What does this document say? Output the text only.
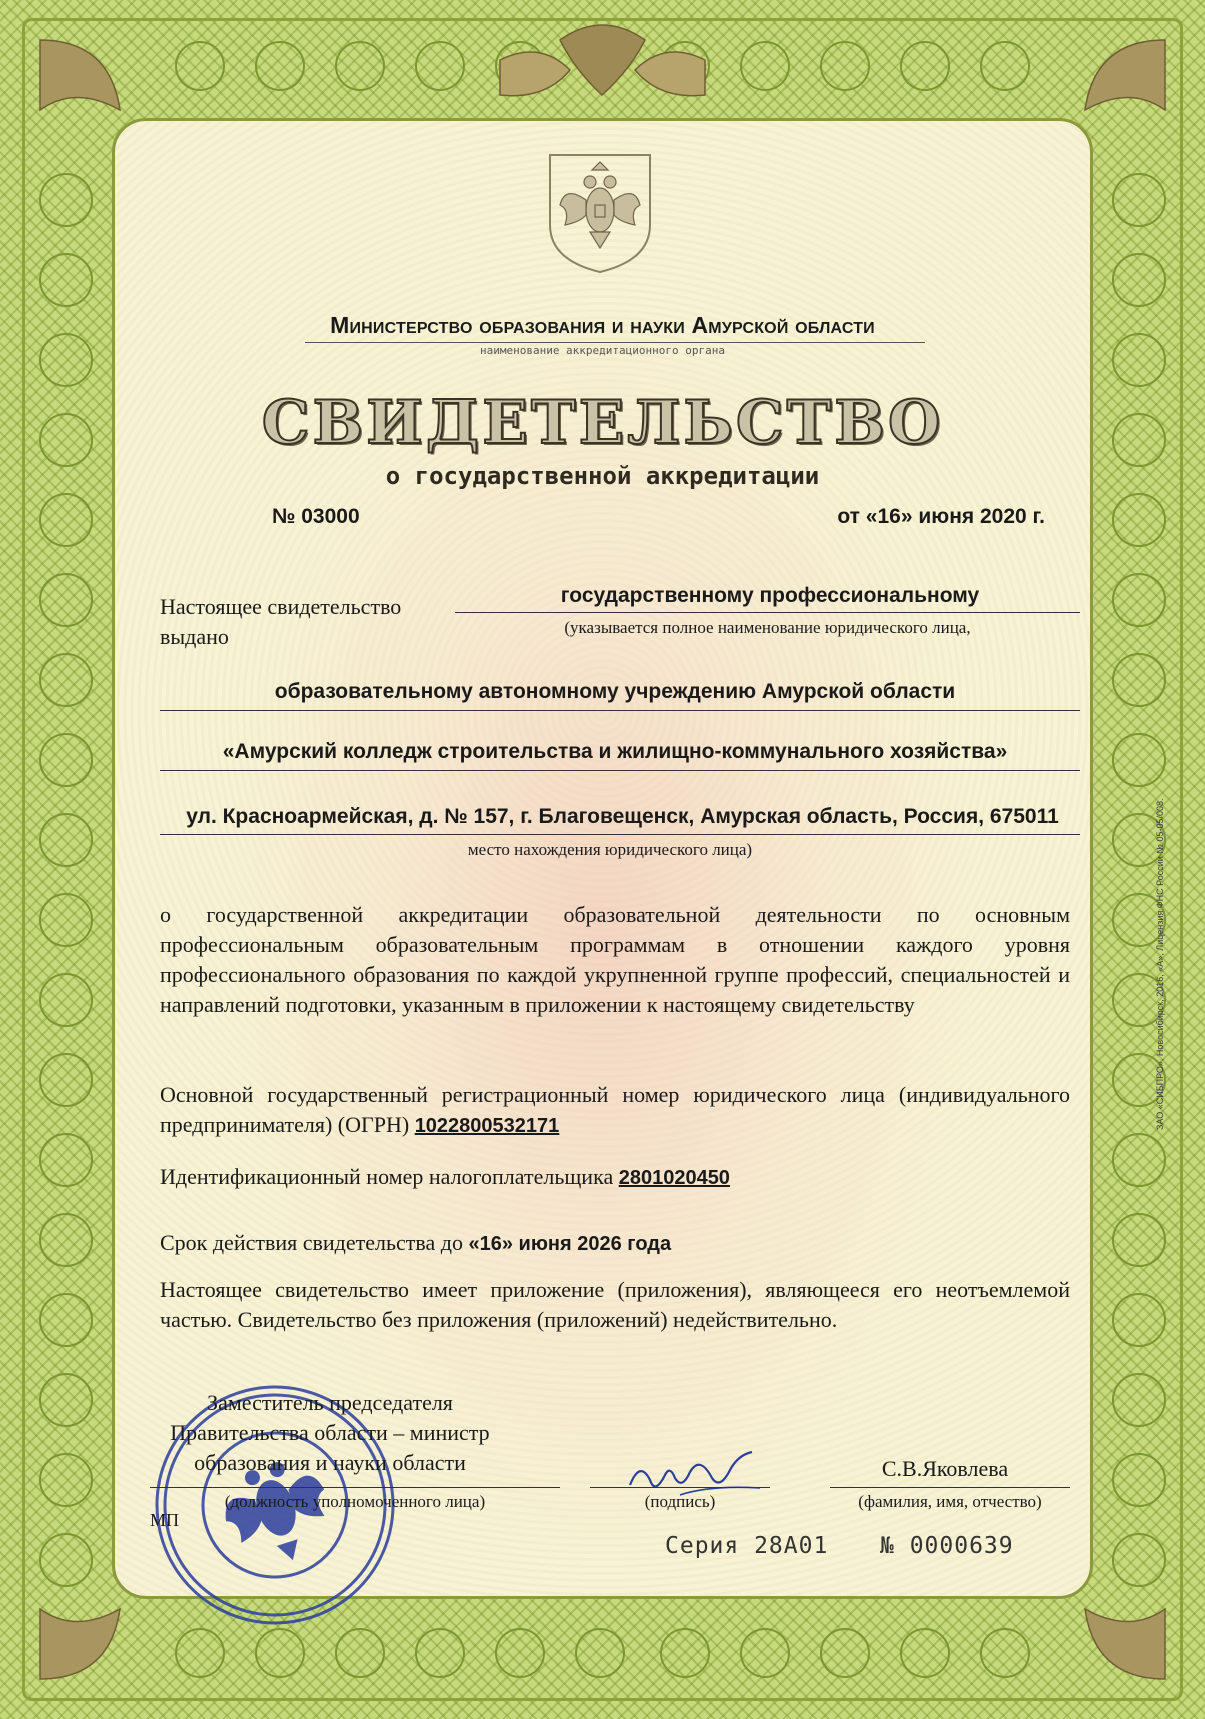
Министерство образования и науки Амурской области
наименование аккредитационного органа
СВИДЕТЕЛЬСТВО
о государственной аккредитации
№ 03000	от «16» июня 2020 г.
Настоящее свидетельство выдано
государственному профессиональному
(указывается полное наименование юридического лица,
образовательному автономному учреждению Амурской области
«Амурский колледж строительства и жилищно-коммунального хозяйства»
ул. Красноармейская, д. № 157, г. Благовещенск, Амурская область, Россия, 675011
место нахождения юридического лица)
о государственной аккредитации образовательной деятельности по основным профессиональным образовательным программам в отношении каждого уровня профессионального образования по каждой укрупненной группе профессий, специальностей и направлений подготовки, указанным в приложении к настоящему свидетельству
Основной государственный регистрационный номер юридического лица (индивидуального предпринимателя) (ОГРН) 1022800532171
Идентификационный номер налогоплательщика 2801020450
Срок действия свидетельства до «16» июня 2026 года
Настоящее свидетельство имеет приложение (приложения), являющееся его неотъемлемой частью. Свидетельство без приложения (приложений) недействительно.
Заместитель председателя
Правительства области – министр
образования и науки области
(должность уполномоченного лица)
МП
(подпись)
С.В.Яковлева
(фамилия, имя, отчество)
Серия 28А01 № 0000639
ЗАО «СИБПРО», Новосибирск, 2016, «А», Лицензия ФНС России № 05-05/008.
